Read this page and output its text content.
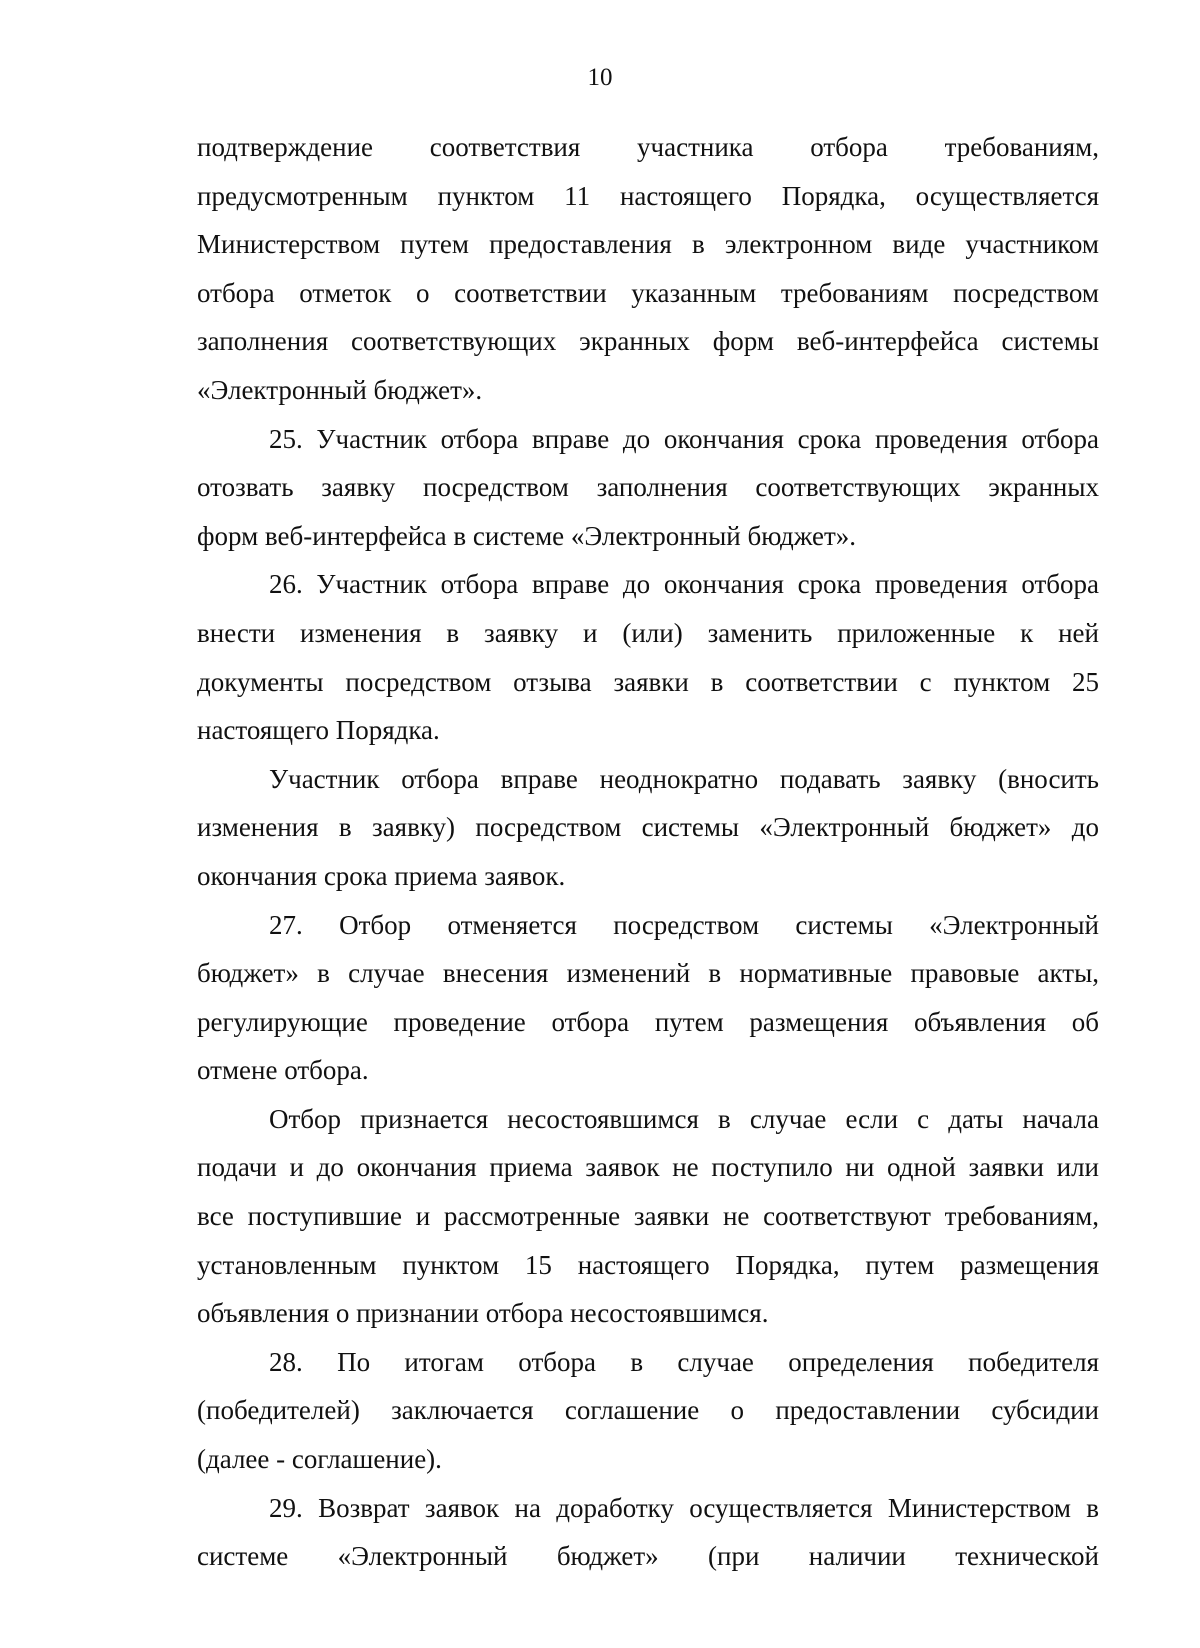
10

подтверждение соответствия участника отбора требованиям,
предусмотренным пунктом 11 настоящего Порядка, осуществляется
Министерством путем предоставления в электронном виде участником
отбора отметок о соответствии указанным требованиям посредством
заполнения соответствующих экранных форм веб-интерфейса системы
«Электронный бюджет».

25. Участник отбора вправе до окончания срока проведения отбора
отозвать заявку посредством заполнения соответствующих экранных
форм веб-интерфейса в системе «Электронный бюджет».

26. Участник отбора вправе до окончания срока проведения отбора
внести изменения в заявку и (или) заменить приложенные к ней
документы посредством отзыва заявки в соответствии с пунктом 25
настоящего Порядка.

Участник отбора вправе неоднократно подавать заявку (вносить
изменения в заявку) посредством системы «Электронный бюджет» до
окончания срока приема заявок.

27. Отбор отменяется посредством системы «Электронный
бюджет» в случае внесения изменений в нормативные правовые акты,
регулирующие проведение отбора путем размещения объявления об
отмене отбора.

Отбор признается несостоявшимся в случае если с даты начала
подачи и до окончания приема заявок не поступило ни одной заявки или
все поступившие и рассмотренные заявки не соответствуют требованиям,
установленным пунктом 15 настоящего Порядка, путем размещения
объявления о признании отбора несостоявшимся.

28. По итогам отбора в случае определения победителя
(победителей) заключается соглашение о предоставлении субсидии
(далее - соглашение).

29. Возврат заявок на доработку осуществляется Министерством в
системе «Электронный бюджет» (при наличии технической
